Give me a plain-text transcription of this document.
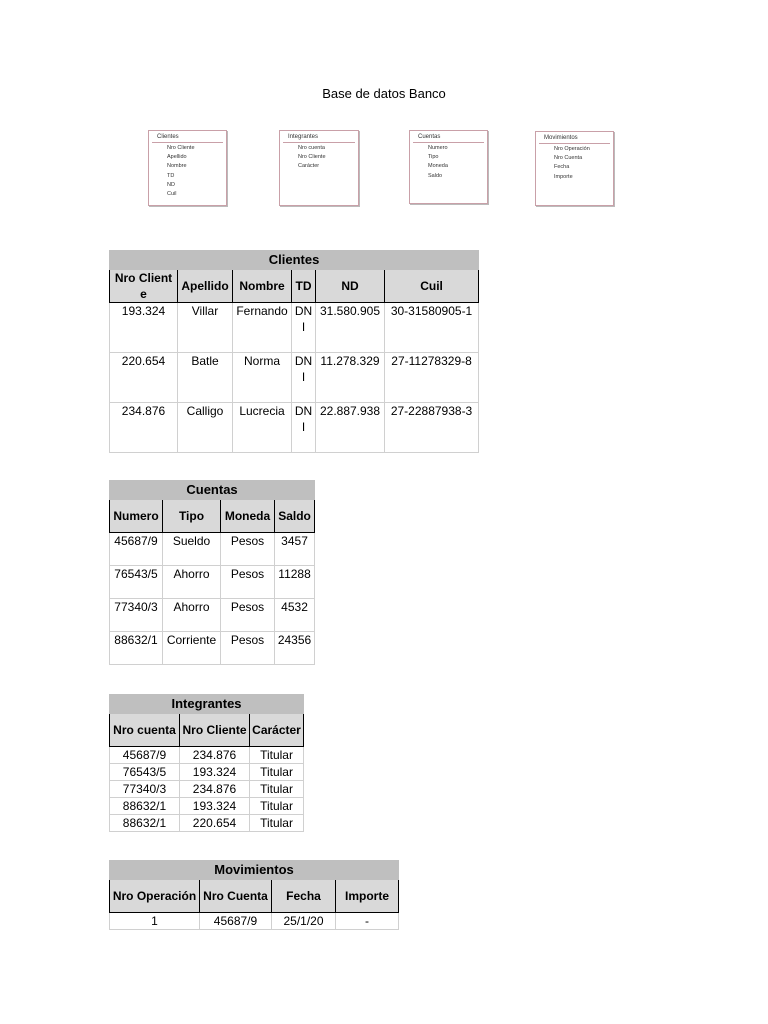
Base de datos Banco
Clientes
Nro Cliente
Apellido
Nombre
TD
ND
Cuil
Integrantes
Nro cuenta
Nro Cliente
Carácter
Cuentas
Numero
Tipo
Moneda
Saldo
Movimientos
Nro Operación
Nro Cuenta
Fecha
Importe
Clientes					
Nro Cliente	Apellido	Nombre	TD	ND	Cuil
193.324	Villar	Fernando	DNI	31.580.905	30-31580905-1
220.654	Batle	Norma	DNI	11.278.329	27-11278329-8
234.876	Calligo	Lucrecia	DNI	22.887.938	27-22887938-3
Cuentas			
Numero	Tipo	Moneda	Saldo
45687/9	Sueldo	Pesos	3457
76543/5	Ahorro	Pesos	11288
77340/3	Ahorro	Pesos	4532
88632/1	Corriente	Pesos	24356
Integrantes		
Nro cuenta	Nro Cliente	Carácter
45687/9	234.876	Titular
76543/5	193.324	Titular
77340/3	234.876	Titular
88632/1	193.324	Titular
88632/1	220.654	Titular
Movimientos			
Nro Operación	Nro Cuenta	Fecha	Importe
1	45687/9	25/1/20	-
